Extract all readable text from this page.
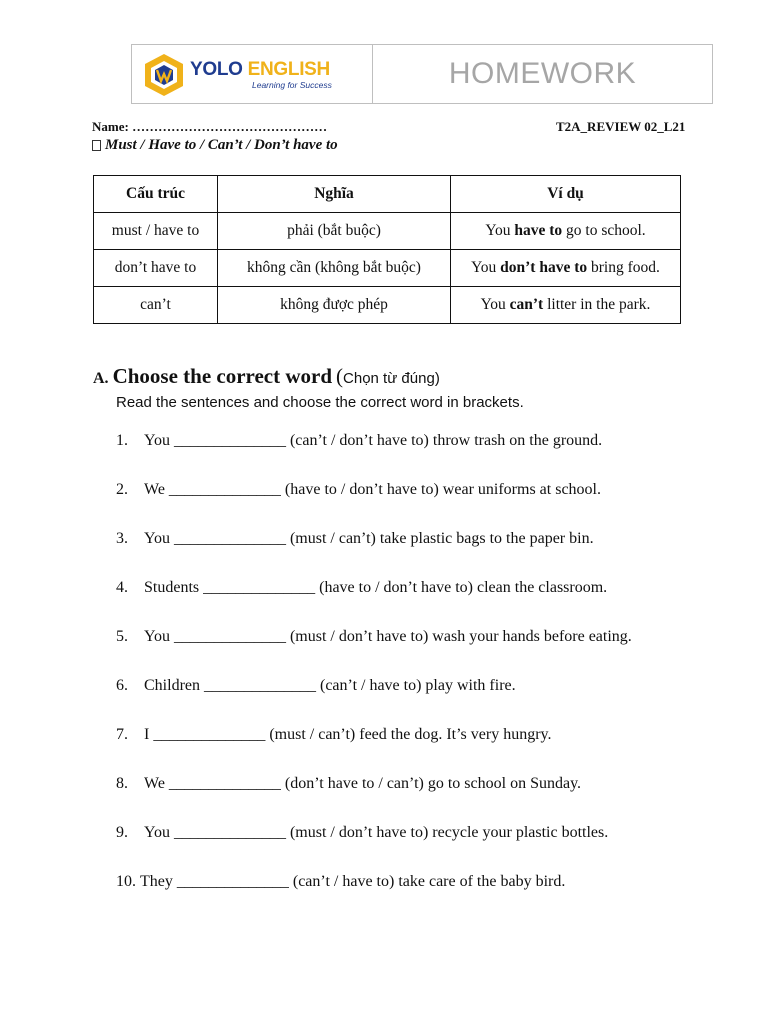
YOLO ENGLISH
Learning for Success	HOMEWORK
Name: ………………………………………	T2A_REVIEW 02_L21
Must / Have to / Can’t / Don’t have to
Cấu trúc	Nghĩa	Ví dụ
must / have to	phải (bắt buộc)	You have to go to school.
don’t have to	không cần (không bắt buộc)	You don’t have to bring food.
can’t	không được phép	You can’t litter in the park.
A. Choose the correct word (Chọn từ đúng)
Read the sentences and choose the correct word in brackets.
1.
	You ______________ (can’t / don’t have to) throw trash on the ground.
2.
	We ______________ (have to / don’t have to) wear uniforms at school.
3.
	You ______________ (must / can’t) take plastic bags to the paper bin.
4.
	Students ______________ (have to / don’t have to) clean the classroom.
5.
	You ______________ (must / don’t have to) wash your hands before eating.
6.
	Children ______________ (can’t / have to) play with fire.
7.
	I ______________ (must / can’t) feed the dog. It’s very hungry.
8.
	We ______________ (don’t have to / can’t) go to school on Sunday.
9.
	You ______________ (must / don’t have to) recycle your plastic bottles.
10. They ______________ (can’t / have to) take care of the baby bird.
